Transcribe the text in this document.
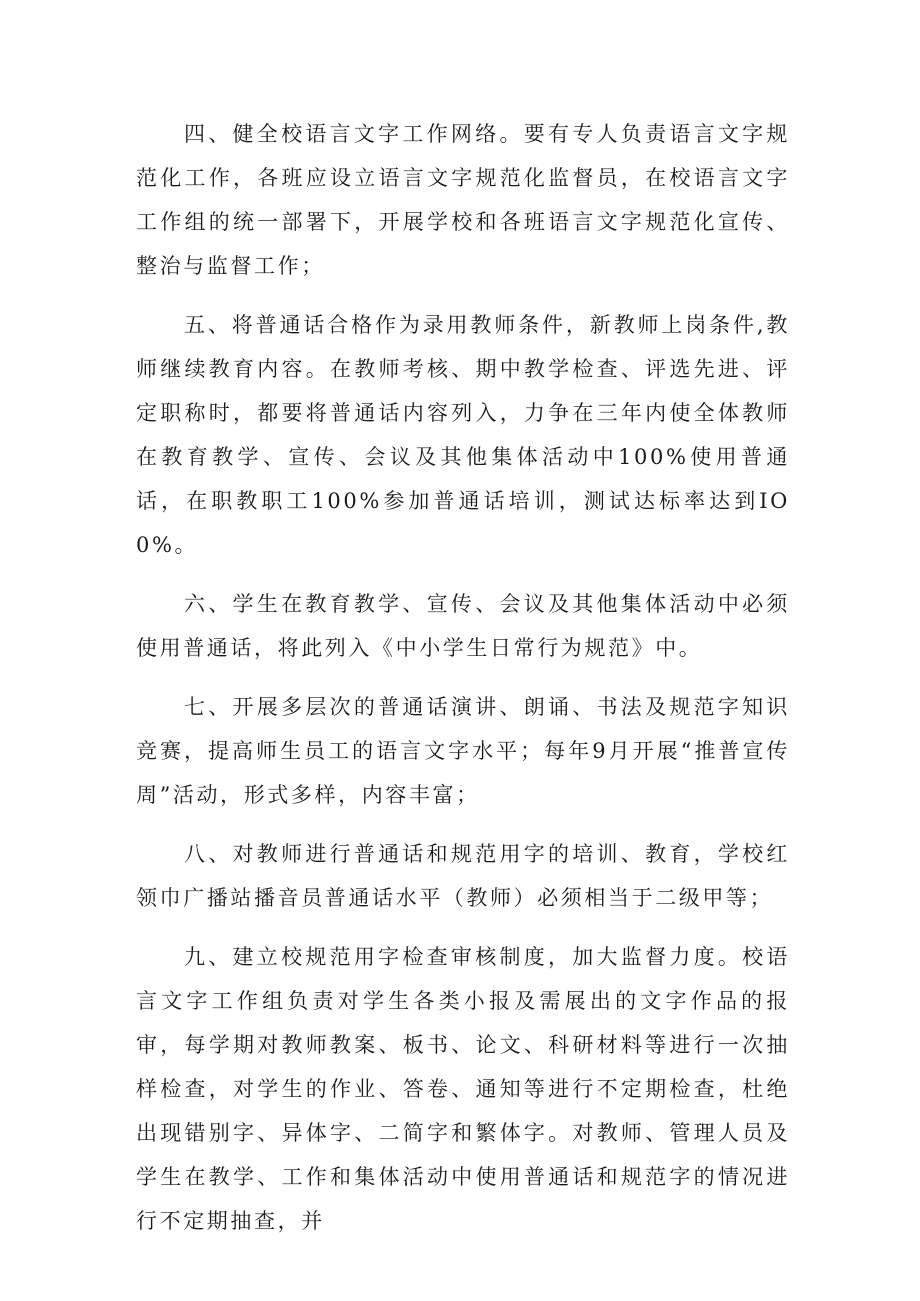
四、健全校语言文字工作网络。要有专人负责语言文字规范化工作，各班应设立语言文字规范化监督员，在校语言文字工作组的统一部署下，开展学校和各班语言文字规范化宣传、整治与监督工作；

五、将普通话合格作为录用教师条件，新教师上岗条件,教师继续教育内容。在教师考核、期中教学检查、评选先进、评定职称时，都要将普通话内容列入，力争在三年内使全体教师在教育教学、宣传、会议及其他集体活动中100%使用普通话，在职教职工100%参加普通话培训，测试达标率达到IO0%。

六、学生在教育教学、宣传、会议及其他集体活动中必须使用普通话，将此列入《中小学生日常行为规范》中。

七、开展多层次的普通话演讲、朗诵、书法及规范字知识竞赛，提高师生员工的语言文字水平；每年9月开展“推普宣传周”活动，形式多样，内容丰富；

八、对教师进行普通话和规范用字的培训、教育，学校红领巾广播站播音员普通话水平（教师）必须相当于二级甲等；

九、建立校规范用字检查审核制度，加大监督力度。校语言文字工作组负责对学生各类小报及需展出的文字作品的报审，每学期对教师教案、板书、论文、科研材料等进行一次抽样检查，对学生的作业、答卷、通知等进行不定期检查，杜绝出现错别字、异体字、二简字和繁体字。对教师、管理人员及学生在教学、工作和集体活动中使用普通话和规范字的情况进行不定期抽查，并
